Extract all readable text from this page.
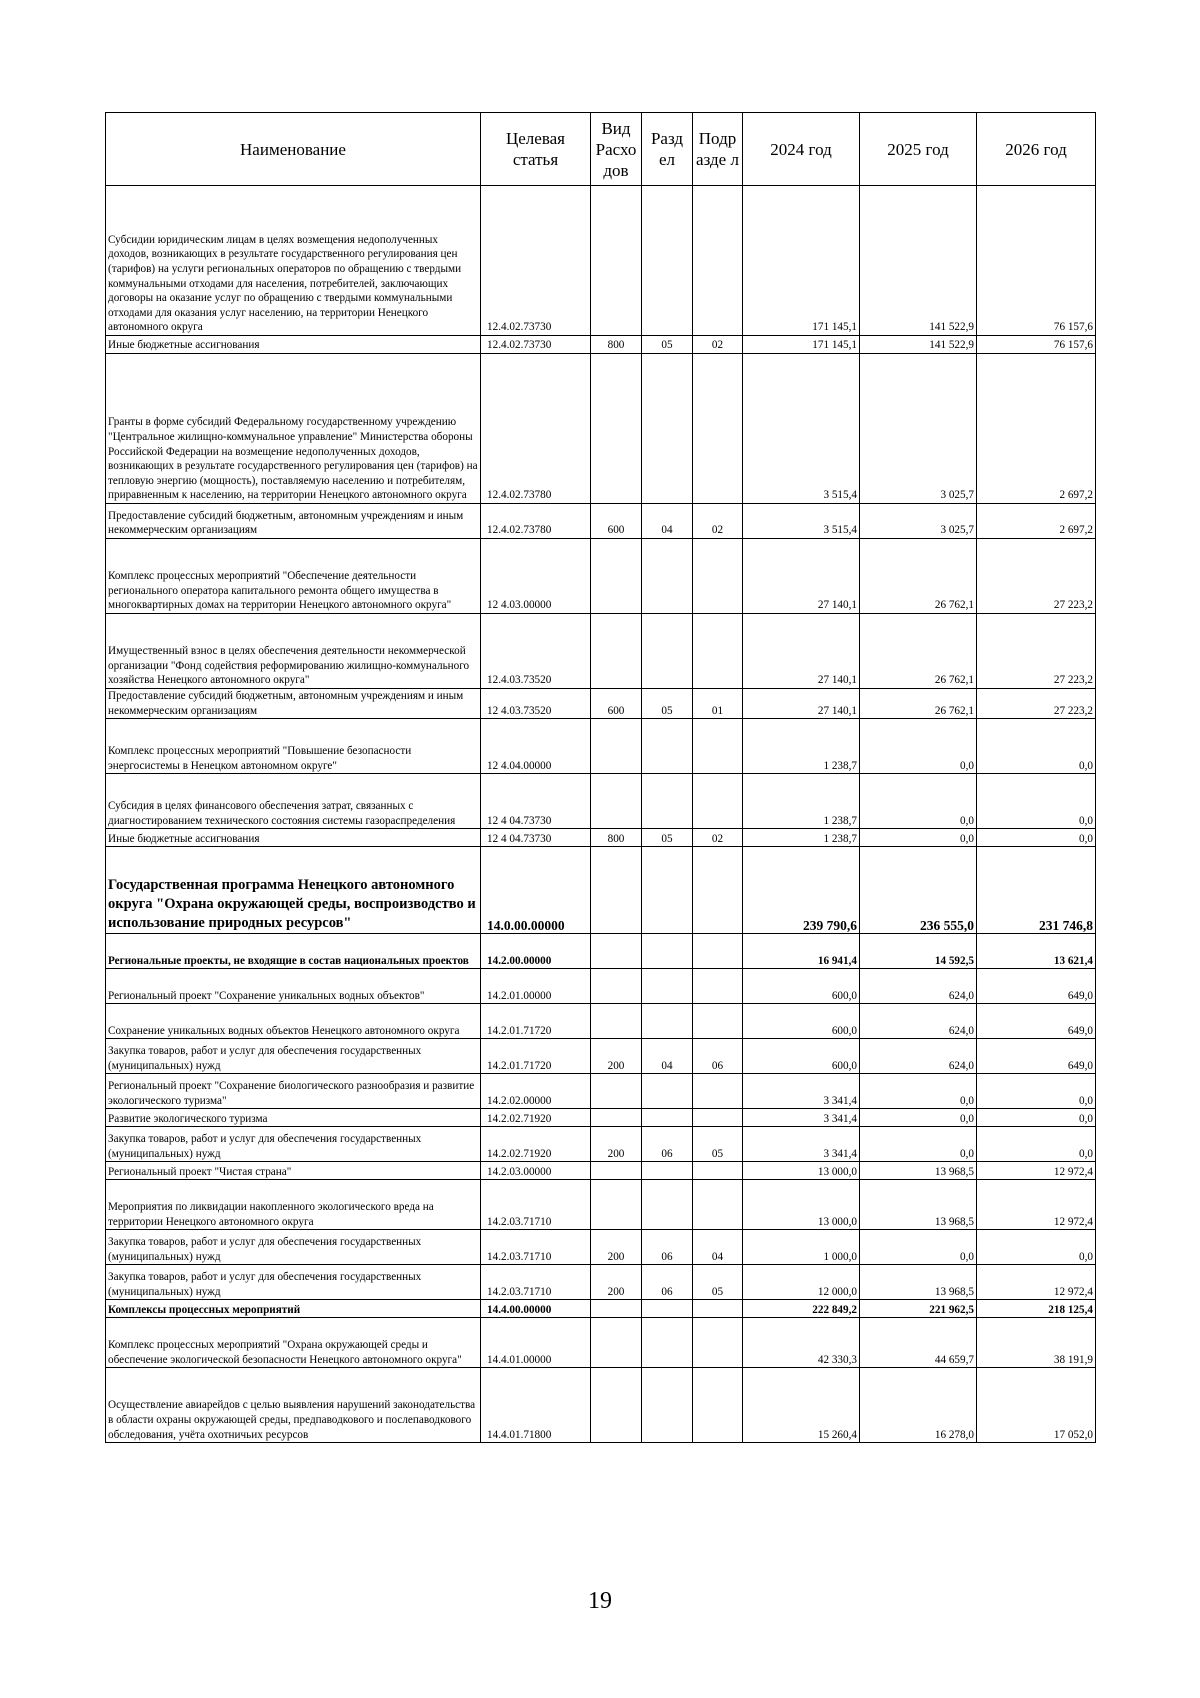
Наименование	Целевая статья	Вид Расхо дов	Разд ел	Подр азде л	2024 год	2025 год	2026 год
Субсидии юридическим лицам в целях возмещения недополученных доходов, возникающих в результате государственного регулирования цен (тарифов) на услуги региональных операторов по обращению с твердыми коммунальными отходами для населения, потребителей, заключающих договоры на оказание услуг по обращению с твердыми коммунальными отходами для оказания услуг населению, на территории Ненецкого автономного округа	12.4.02.73730				171 145,1	141 522,9	76 157,6
Иные бюджетные ассигнования	12.4.02.73730	800	05	02	171 145,1	141 522,9	76 157,6
Гранты в форме субсидий Федеральному государственному учреждению "Центральное жилищно-коммунальное управление" Министерства обороны Российской Федерации на возмещение недополученных доходов, возникающих в результате государственного регулирования цен (тарифов) на тепловую энергию (мощность), поставляемую населению и потребителям, приравненным к населению, на территории Ненецкого автономного округа	12.4.02.73780				3 515,4	3 025,7	2 697,2
Предоставление субсидий бюджетным, автономным учреждениям и иным некоммерческим организациям	12.4.02.73780	600	04	02	3 515,4	3 025,7	2 697,2
Комплекс процессных мероприятий "Обеспечение деятельности регионального оператора капитального ремонта общего имущества в многоквартирных домах на территории Ненецкого автономного округа"	12 4.03.00000				27 140,1	26 762,1	27 223,2
Имущественный взнос в целях обеспечения деятельности некоммерческой организации "Фонд содействия реформированию жилищно-коммунального хозяйства Ненецкого автономного округа"	12.4.03.73520				27 140,1	26 762,1	27 223,2
Предоставление субсидий бюджетным, автономным учреждениям и иным некоммерческим организациям	12 4.03.73520	600	05	01	27 140,1	26 762,1	27 223,2
Комплекс процессных мероприятий "Повышение безопасности энергосистемы в Ненецком автономном округе"	12 4.04.00000				1 238,7	0,0	0,0
Субсидия в целях финансового обеспечения затрат, связанных с диагностированием технического состояния системы газораспределения	12 4 04.73730				1 238,7	0,0	0,0
Иные бюджетные ассигнования	12 4 04.73730	800	05	02	1 238,7	0,0	0,0
Государственная программа Ненецкого автономного округа "Охрана окружающей среды, воспроизводство и использование природных ресурсов"	14.0.00.00000				239 790,6	236 555,0	231 746,8
Региональные проекты, не входящие в состав национальных проектов	14.2.00.00000				16 941,4	14 592,5	13 621,4
Региональный проект "Сохранение уникальных водных объектов"	14.2.01.00000				600,0	624,0	649,0
Сохранение уникальных водных объектов Ненецкого автономного округа	14.2.01.71720				600,0	624,0	649,0
Закупка товаров, работ и услуг для обеспечения государственных (муниципальных) нужд	14.2.01.71720	200	04	06	600,0	624,0	649,0
Региональный проект "Сохранение биологического разнообразия и развитие экологического туризма"	14.2.02.00000				3 341,4	0,0	0,0
Развитие экологического туризма	14.2.02.71920				3 341,4	0,0	0,0
Закупка товаров, работ и услуг для обеспечения государственных (муниципальных) нужд	14.2.02.71920	200	06	05	3 341,4	0,0	0,0
Региональный проект "Чистая страна"	14.2.03.00000				13 000,0	13 968,5	12 972,4
Мероприятия по ликвидации накопленного экологического вреда на территории Ненецкого автономного округа	14.2.03.71710				13 000,0	13 968,5	12 972,4
Закупка товаров, работ и услуг для обеспечения государственных (муниципальных) нужд	14.2.03.71710	200	06	04	1 000,0	0,0	0,0
Закупка товаров, работ и услуг для обеспечения государственных (муниципальных) нужд	14.2.03.71710	200	06	05	12 000,0	13 968,5	12 972,4
Комплексы процессных мероприятий	14.4.00.00000				222 849,2	221 962,5	218 125,4
Комплекс процессных мероприятий "Охрана окружающей среды и обеспечение экологической безопасности Ненецкого автономного округа"	14.4.01.00000				42 330,3	44 659,7	38 191,9
Осуществление авиарейдов с целью выявления нарушений законодательства в области охраны окружающей среды, предпаводкового и послепаводкового обследования, учёта охотничьих ресурсов	14.4.01.71800				15 260,4	16 278,0	17 052,0
19
